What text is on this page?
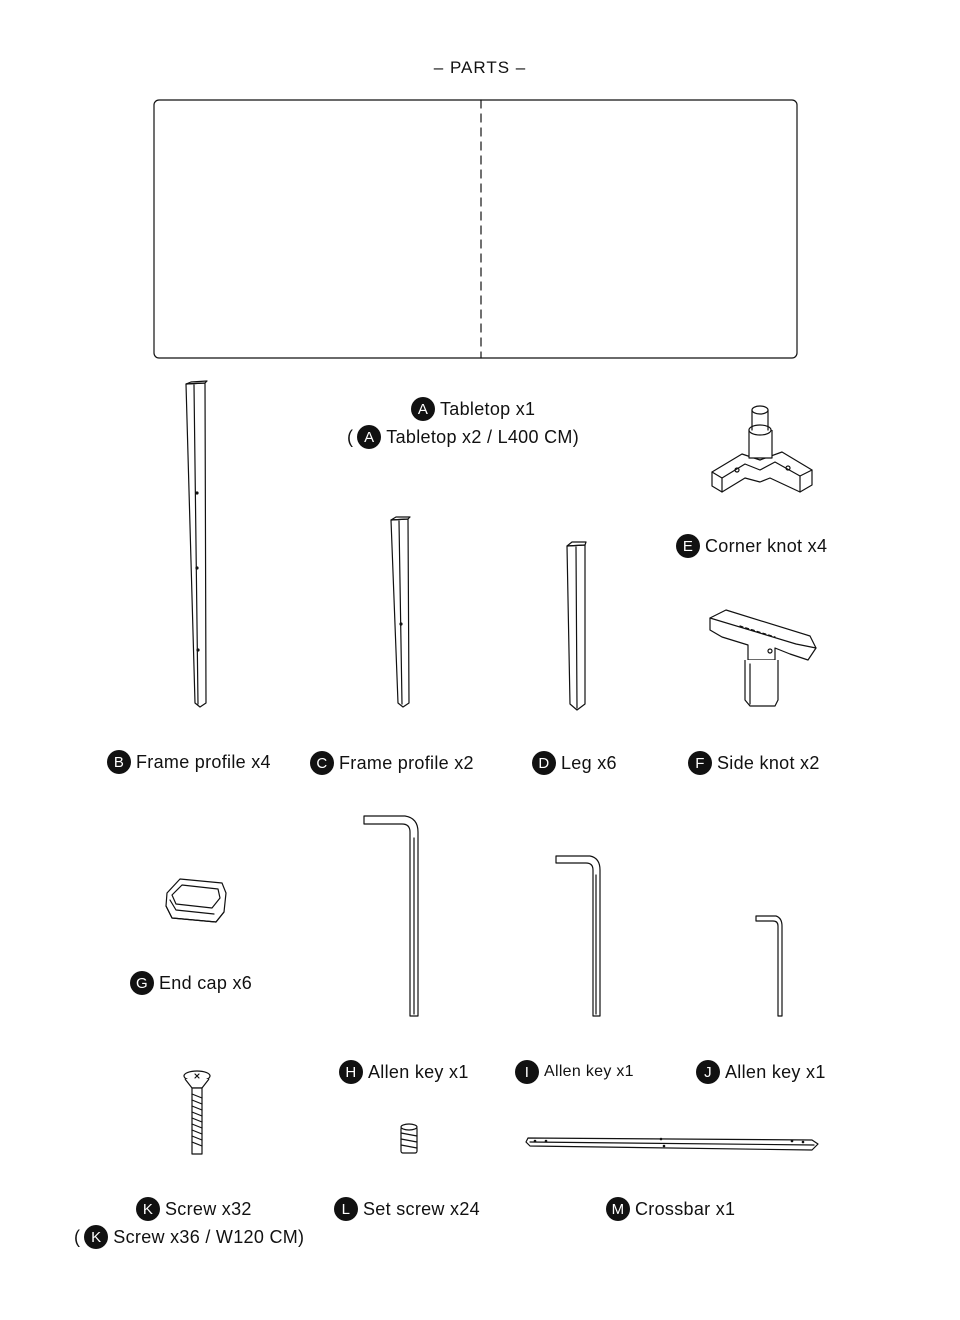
– PARTS –
A Tabletop x1
( A Tabletop x2 / L400 CM)
E Corner knot x4
B Frame profile x4	C Frame profile x2	D Leg x6	F Side knot x2
G End cap x6
H Allen key x1	I Allen key x1	J Allen key x1
K Screw x32
( K Screw x36 / W120 CM)
L Set screw x24	M Crossbar x1
